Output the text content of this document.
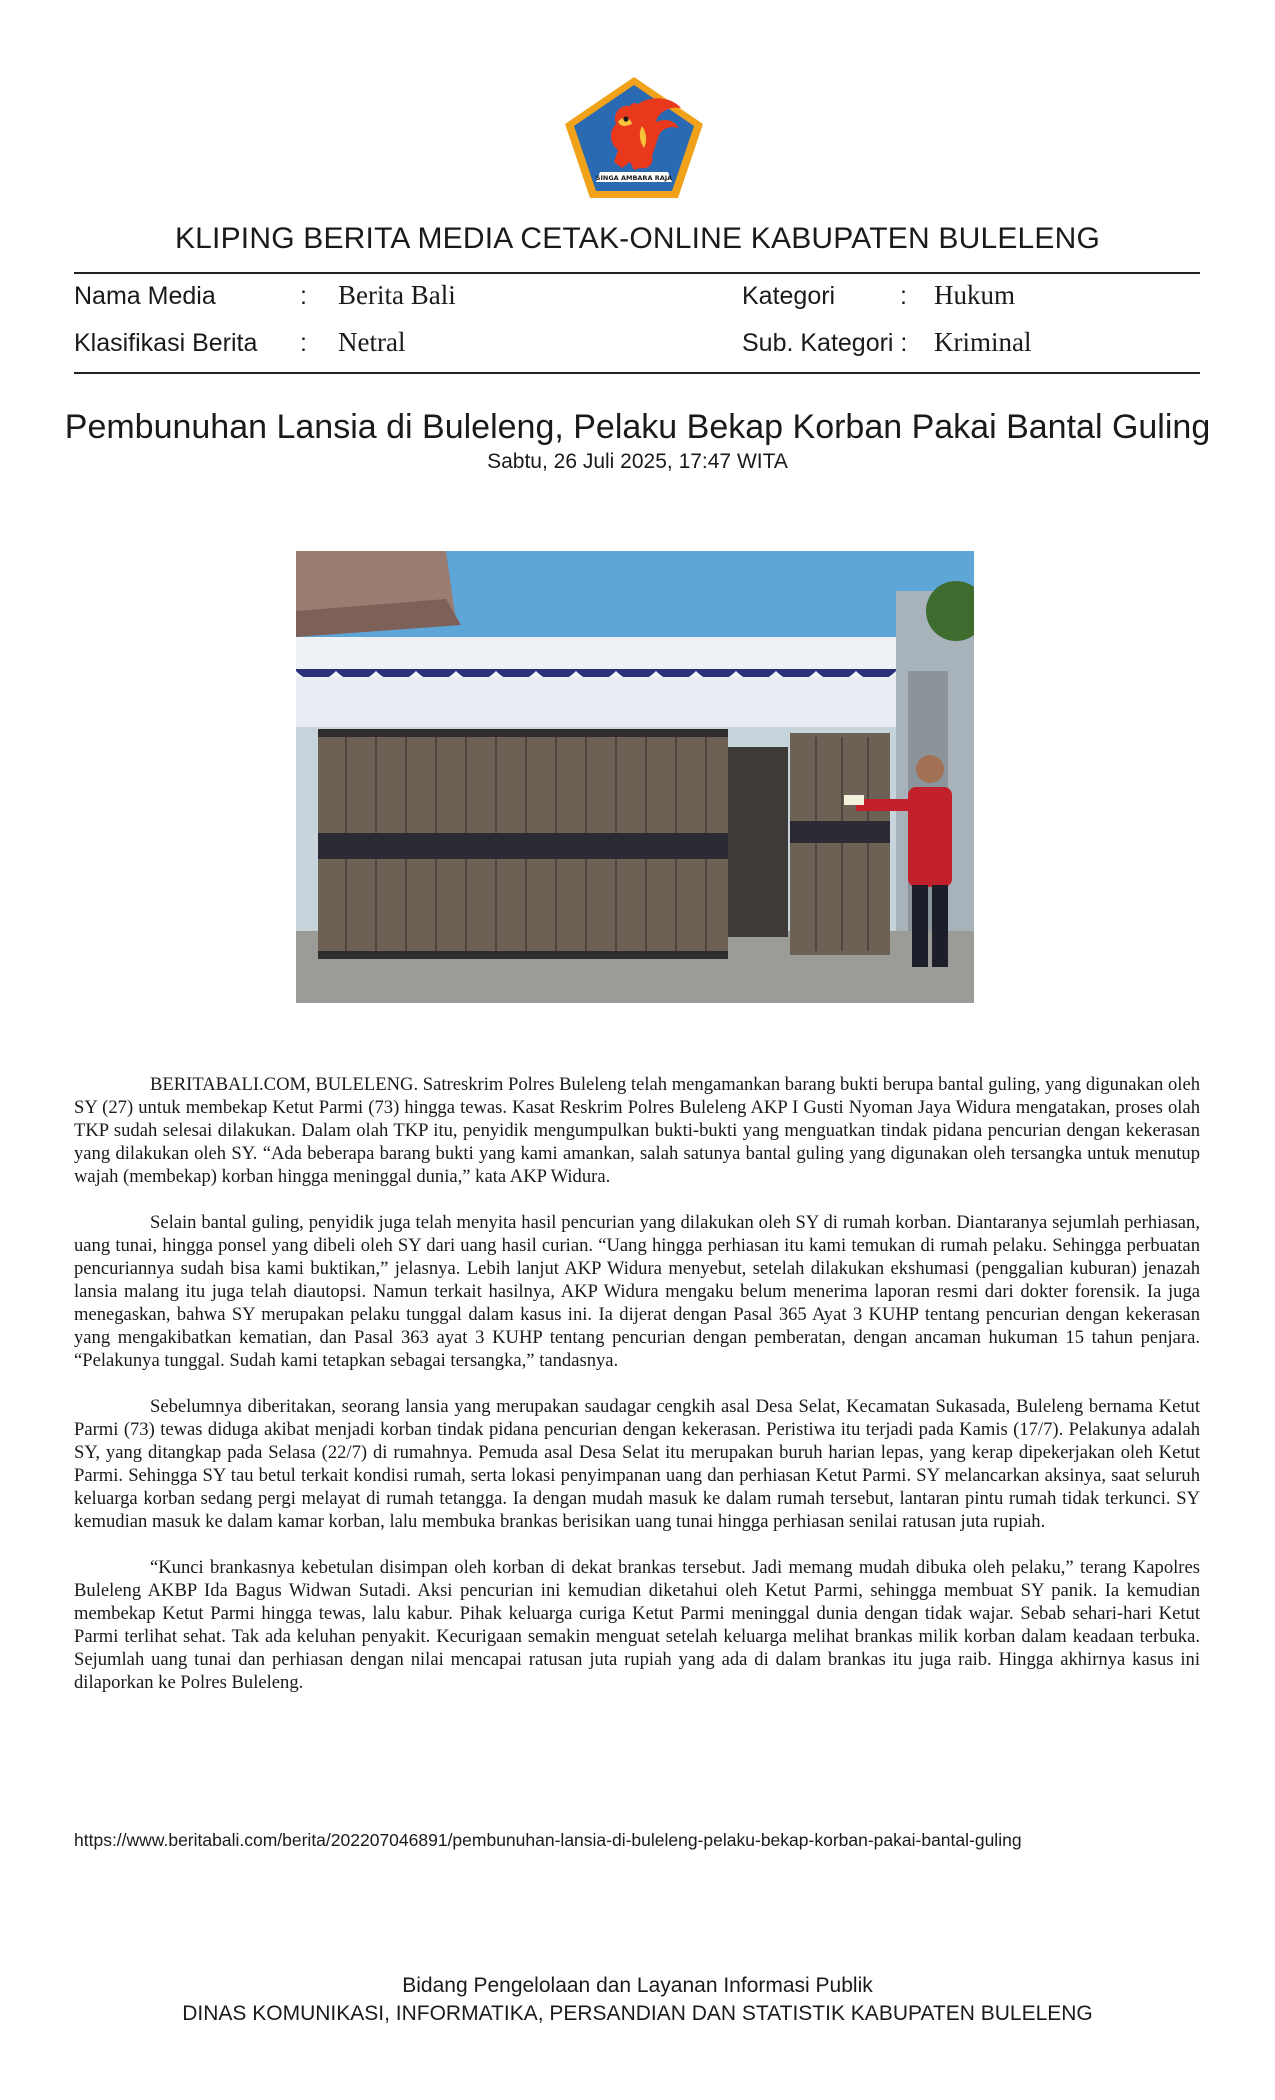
SINGA AMBARA RAJA
KLIPING BERITA MEDIA CETAK-ONLINE KABUPATEN BULELENG
Nama Media	: Berita Bali	Kategori	: Hukum
Klasifikasi Berita : Netral	Sub. Kategori : Kriminal
Pembunuhan Lansia di Buleleng, Pelaku Bekap Korban Pakai Bantal Guling
Sabtu, 26 Juli 2025, 17:47 WITA

BERITABALI.COM, BULELENG. Satreskrim Polres Buleleng telah mengamankan barang bukti berupa bantal guling, yang digunakan oleh SY (27) untuk membekap Ketut Parmi (73) hingga tewas. Kasat Reskrim Polres Buleleng AKP I Gusti Nyoman Jaya Widura mengatakan, proses olah TKP sudah selesai dilakukan. Dalam olah TKP itu, penyidik mengumpulkan bukti-bukti yang menguatkan tindak pidana pencurian dengan kekerasan yang dilakukan oleh SY. “Ada beberapa barang bukti yang kami amankan, salah satunya bantal guling yang digunakan oleh tersangka untuk menutup wajah (membekap) korban hingga meninggal dunia,” kata AKP Widura.

Selain bantal guling, penyidik juga telah menyita hasil pencurian yang dilakukan oleh SY di rumah korban. Diantaranya sejumlah perhiasan, uang tunai, hingga ponsel yang dibeli oleh SY dari uang hasil curian. “Uang hingga perhiasan itu kami temukan di rumah pelaku. Sehingga perbuatan pencuriannya sudah bisa kami buktikan,” jelasnya. Lebih lanjut AKP Widura menyebut, setelah dilakukan ekshumasi (penggalian kuburan) jenazah lansia malang itu juga telah diautopsi. Namun terkait hasilnya, AKP Widura mengaku belum menerima laporan resmi dari dokter forensik. Ia juga menegaskan, bahwa SY merupakan pelaku tunggal dalam kasus ini. Ia dijerat dengan Pasal 365 Ayat 3 KUHP tentang pencurian dengan kekerasan yang mengakibatkan kematian, dan Pasal 363 ayat 3 KUHP tentang pencurian dengan pemberatan, dengan ancaman hukuman 15 tahun penjara. “Pelakunya tunggal. Sudah kami tetapkan sebagai tersangka,” tandasnya.

Sebelumnya diberitakan, seorang lansia yang merupakan saudagar cengkih asal Desa Selat, Kecamatan Sukasada, Buleleng bernama Ketut Parmi (73) tewas diduga akibat menjadi korban tindak pidana pencurian dengan kekerasan. Peristiwa itu terjadi pada Kamis (17/7). Pelakunya adalah SY, yang ditangkap pada Selasa (22/7) di rumahnya. Pemuda asal Desa Selat itu merupakan buruh harian lepas, yang kerap dipekerjakan oleh Ketut Parmi. Sehingga SY tau betul terkait kondisi rumah, serta lokasi penyimpanan uang dan perhiasan Ketut Parmi. SY melancarkan aksinya, saat seluruh keluarga korban sedang pergi melayat di rumah tetangga. Ia dengan mudah masuk ke dalam rumah tersebut, lantaran pintu rumah tidak terkunci. SY kemudian masuk ke dalam kamar korban, lalu membuka brankas berisikan uang tunai hingga perhiasan senilai ratusan juta rupiah.

“Kunci brankasnya kebetulan disimpan oleh korban di dekat brankas tersebut. Jadi memang mudah dibuka oleh pelaku,” terang Kapolres Buleleng AKBP Ida Bagus Widwan Sutadi. Aksi pencurian ini kemudian diketahui oleh Ketut Parmi, sehingga membuat SY panik. Ia kemudian membekap Ketut Parmi hingga tewas, lalu kabur. Pihak keluarga curiga Ketut Parmi meninggal dunia dengan tidak wajar. Sebab sehari-hari Ketut Parmi terlihat sehat. Tak ada keluhan penyakit. Kecurigaan semakin menguat setelah keluarga melihat brankas milik korban dalam keadaan terbuka. Sejumlah uang tunai dan perhiasan dengan nilai mencapai ratusan juta rupiah yang ada di dalam brankas itu juga raib. Hingga akhirnya kasus ini dilaporkan ke Polres Buleleng.

https://www.beritabali.com/berita/202207046891/pembunuhan-lansia-di-buleleng-pelaku-bekap-korban-pakai-bantal-guling
Bidang Pengelolaan dan Layanan Informasi Publik
DINAS KOMUNIKASI, INFORMATIKA, PERSANDIAN DAN STATISTIK KABUPATEN BULELENG
